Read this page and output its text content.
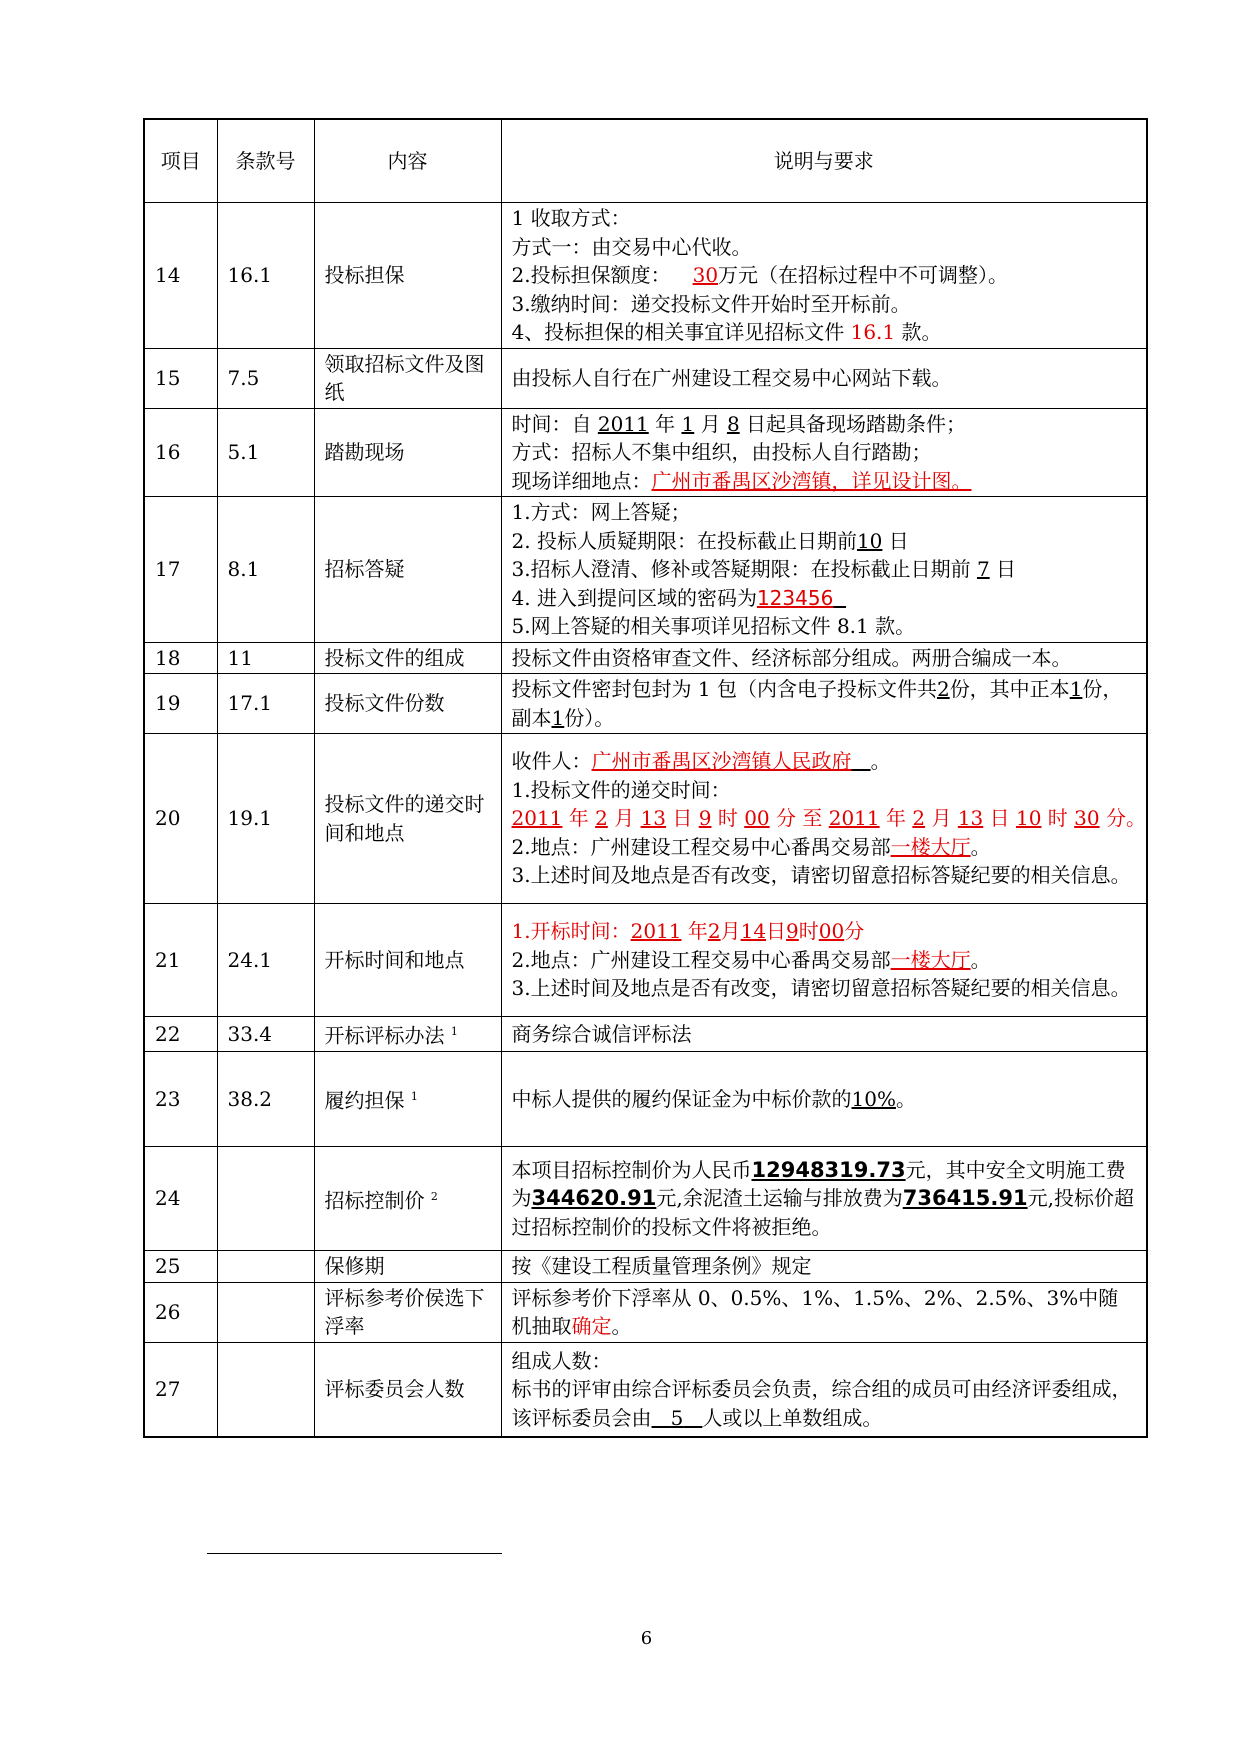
项目	条款号	内容	说明与要求
14	16.1	投标担保	1 收取方式：
方式一：由交易中心代收。
2.投标担保额度： 30万元（在招标过程中不可调整）。
3.缴纳时间：递交投标文件开始时至开标前。
4、投标担保的相关事宜详见招标文件 16.1 款。

15	7.5	领取招标文件及图纸	由投标人自行在广州建设工程交易中心网站下载。

16	5.1	踏勘现场	时间：自 2011 年 1 月 8 日起具备现场踏勘条件；
方式：招标人不集中组织，由投标人自行踏勘；
现场详细地点：广州市番禺区沙湾镇，详见设计图。

17	8.1	招标答疑	1.方式：网上答疑；
2. 投标人质疑期限：在投标截止日期前10 日
3.招标人澄清、修补或答疑期限：在投标截止日期前 7 日
4. 进入到提问区域的密码为123456
5.网上答疑的相关事项详见招标文件 8.1 款。

18	11	投标文件的组成	投标文件由资格审查文件、经济标部分组成。两册合编成一本。

19	17.1	投标文件份数	投标文件密封包封为 1 包（内含电子投标文件共2份，其中正本1份，副本1份）。

20	19.1	投标文件的递交时间和地点	收件人：广州市番禺区沙湾镇人民政府 。
1.投标文件的递交时间：
2011 年 2 月 13 日 9 时 00 分 至 2011 年 2 月 13 日 10 时 30 分。
2.地点：广州建设工程交易中心番禺交易部一楼大厅。
3.上述时间及地点是否有改变，请密切留意招标答疑纪要的相关信息。

21	24.1	开标时间和地点	1.开标时间：2011 年2月14日9时00分
2.地点：广州建设工程交易中心番禺交易部一楼大厅。
3.上述时间及地点是否有改变，请密切留意招标答疑纪要的相关信息。

22	33.4	开标评标办法 $^1$	商务综合诚信评标法

23	38.2	履约担保 $^1$	中标人提供的履约保证金为中标价款的10%。

24		招标控制价 $^2$	本项目招标控制价为人民币12948319.73元，其中安全文明施工费为344620.91元,余泥渣土运输与排放费为736415.91元,投标价超过招标控制价的投标文件将被拒绝。

25		保修期	按《建设工程质量管理条例》规定

26		评标参考价侯选下浮率	评标参考价下浮率从 0、0.5%、1%、1.5%、2%、2.5%、3%中随机抽取确定。

27		评标委员会人数	组成人数：
标书的评审由综合评标委员会负责，综合组的成员可由经济评委组成，该评标委员会由 5 人或以上单数组成。
6
